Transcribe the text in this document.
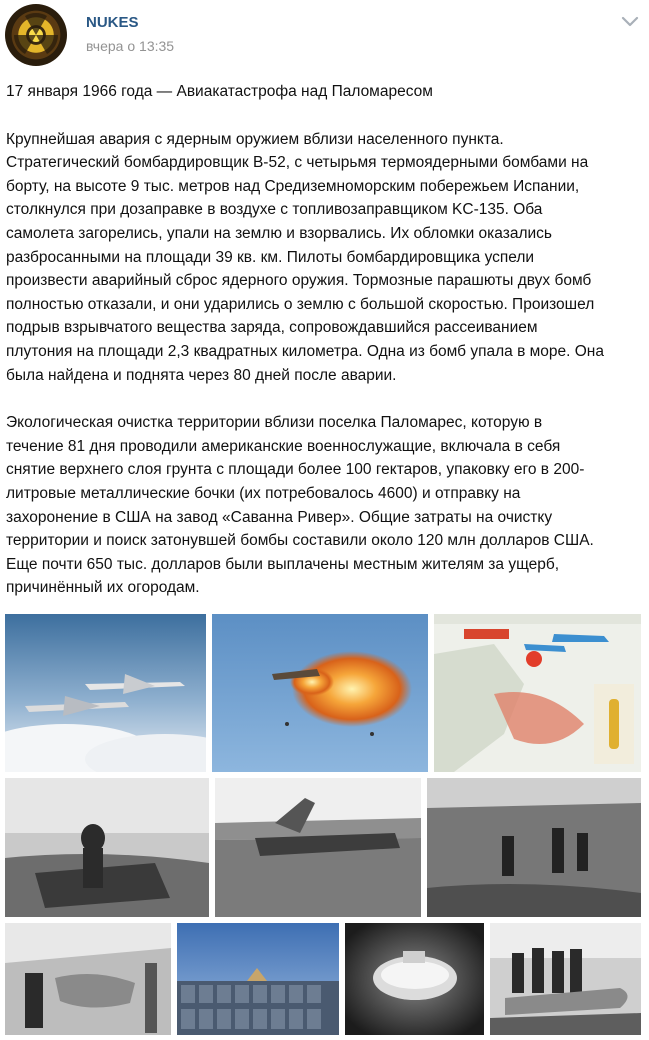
NUKES
вчера о 13:35

17 января 1966 года — Авиакатастрофа над Паломаресом

Крупнейшая авария с ядерным оружием вблизи населенного пункта.
Стратегический бомбардировщик B-52, с четырьмя термоядерными бомбами на
борту, на высоте 9 тыс. метров над Средиземноморским побережьем Испании,
столкнулся при дозаправке в воздухе с топливозаправщиком KC-135. Оба
самолета загорелись, упали на землю и взорвались. Их обломки оказались
разбросанными на площади 39 кв. км. Пилоты бомбардировщика успели
произвести аварийный сброс ядерного оружия. Тормозные парашюты двух бомб
полностью отказали, и они ударились о землю с большой скоростью. Произошел
подрыв взрывчатого вещества заряда, сопровождавшийся рассеиванием
плутония на площади 2,3 квадратных километра. Одна из бомб упала в море. Она
была найдена и поднята через 80 дней после аварии.

Экологическая очистка территории вблизи поселка Паломарес, которую в
течение 81 дня проводили американские военнослужащие, включала в себя
снятие верхнего слоя грунта с площади более 100 гектаров, упаковку его в 200-
литровые металлические бочки (их потребовалось 4600) и отправку на
захоронение в США на завод «Саванна Ривер». Общие затраты на очистку
территории и поиск затонувшей бомбы составили около 120 млн долларов США.
Еще почти 650 тыс. долларов были выплачены местным жителям за ущерб,
причинённый их огородам.
